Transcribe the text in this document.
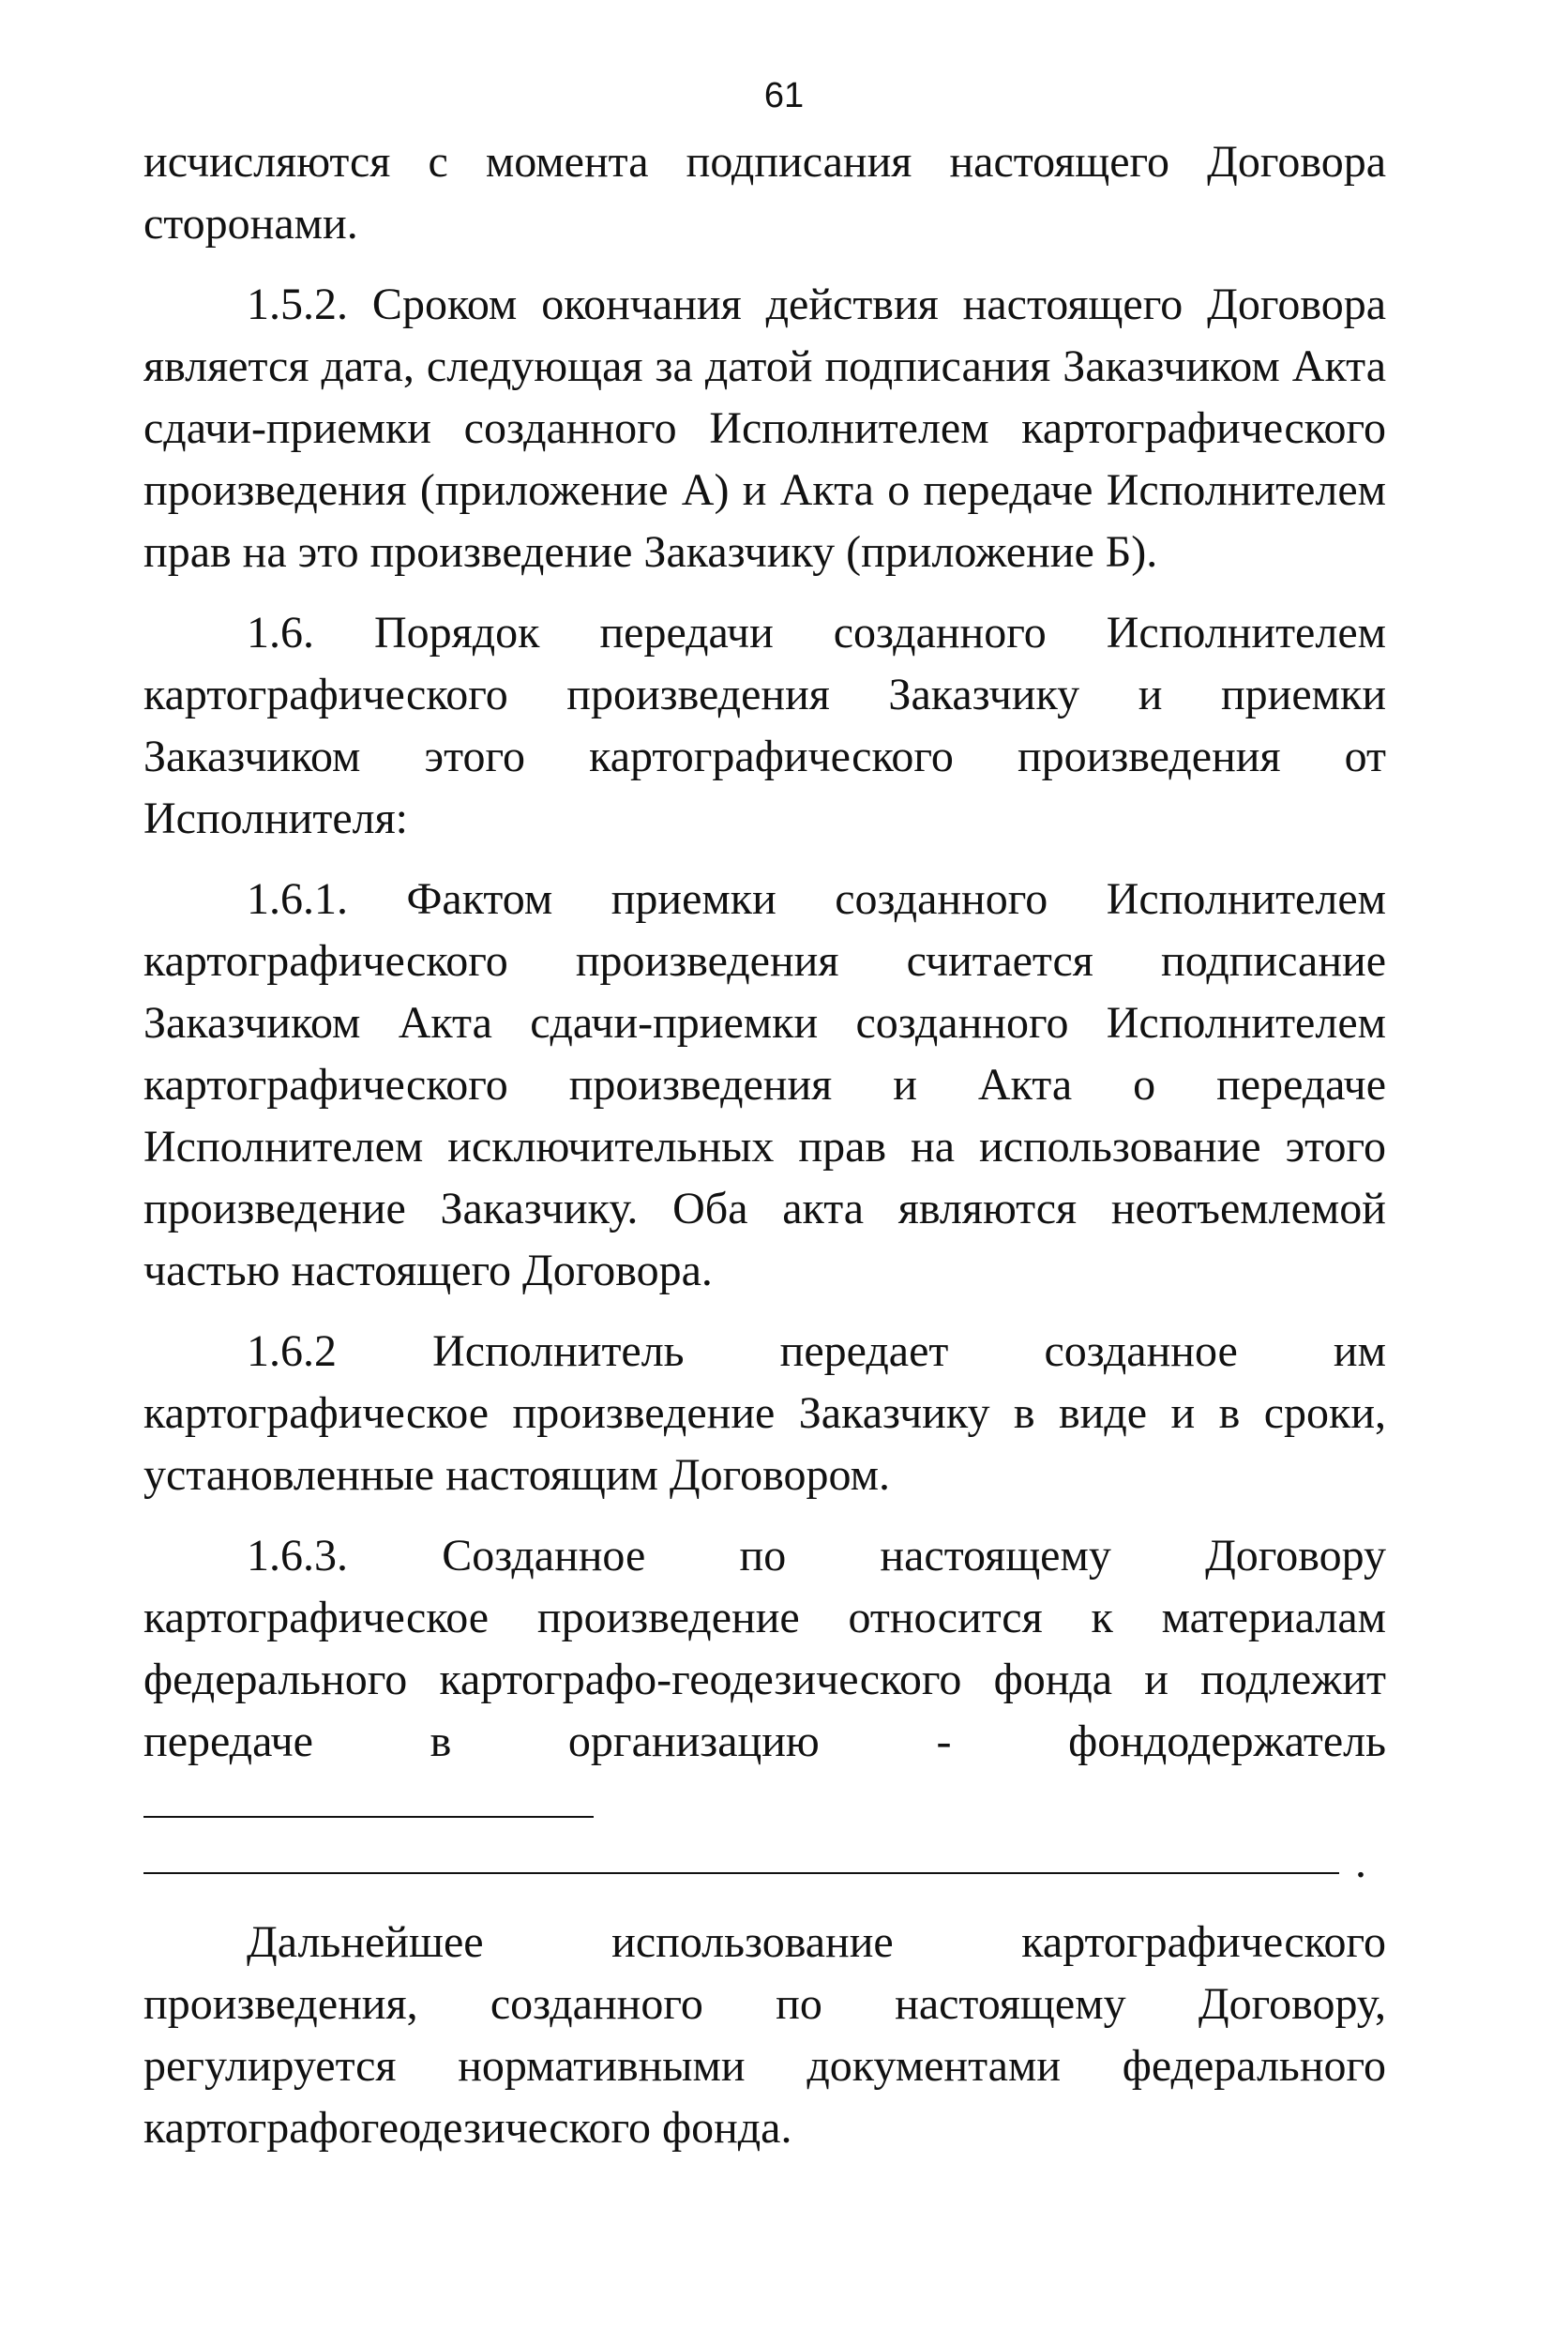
61

исчисляются с момента подписания настоящего Договора сторонами.

1.5.2. Сроком окончания действия настоящего Договора является дата, следующая за датой подписания Заказчиком Акта сдачи-приемки созданного Исполнителем картографического произведения (приложение А) и Акта о передаче Исполнителем прав на это произведение Заказчику (приложение Б).

1.6. Порядок передачи созданного Исполнителем картографического произведения Заказчику и приемки Заказчиком этого картографического произведения от Исполнителя:

1.6.1. Фактом приемки созданного Исполнителем картографического произведения считается подписание Заказчиком Акта сдачи-приемки созданного Исполнителем картографического произведения и Акта о передаче Исполнителем исключительных прав на использование этого произведение Заказчику. Оба акта являются неотъемлемой частью настоящего Договора.

1.6.2 Исполнитель передает созданное им картографическое произведение Заказчику в виде и в сроки, установленные настоящим Договором.

1.6.3. Созданное по настоящему Договору картографическое произведение относится к материалам федерального картографо-геодезического фонда и подлежит передаче в организацию - фондодержатель

.

Дальнейшее использование картографического произведения, созданного по настоящему Договору, регулируется нормативными документами федерального картографогеодезического фонда.
